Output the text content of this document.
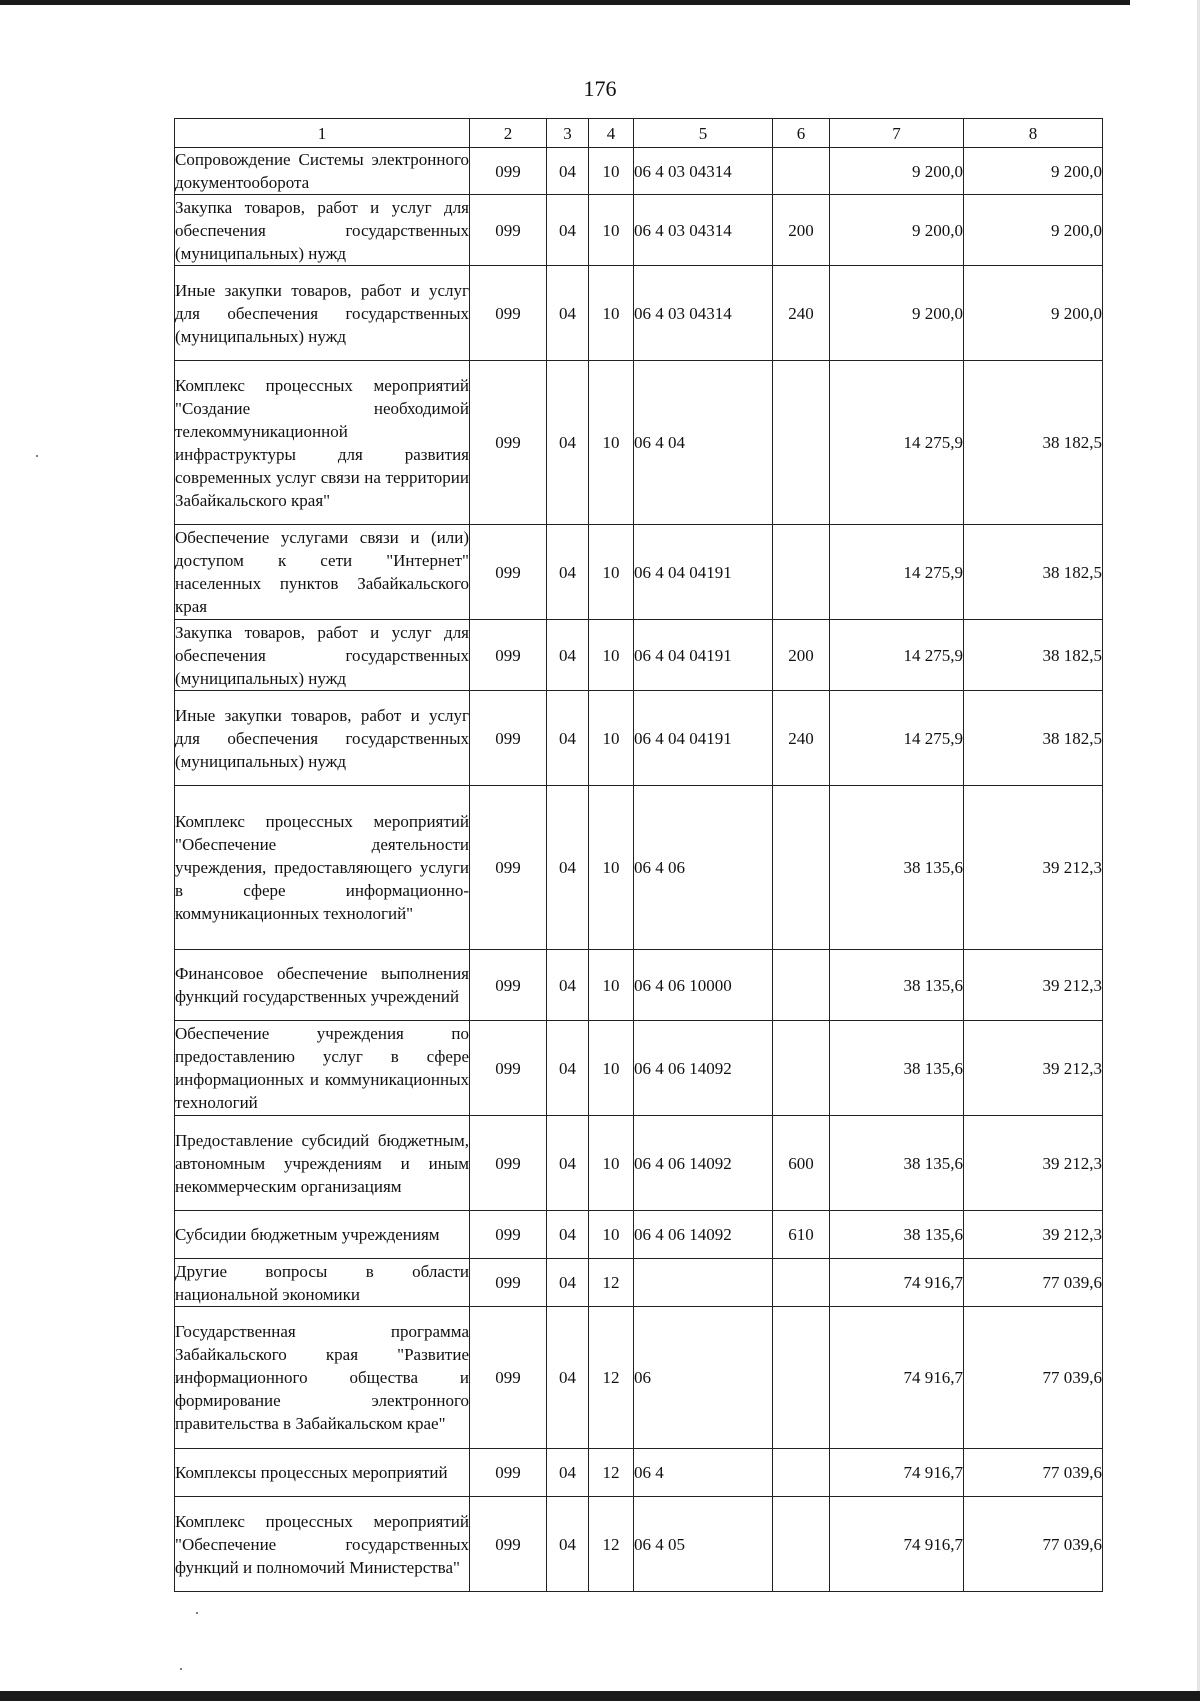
176
1	2	3	4	5	6	7	8
Сопровождение Системы электронного документооборота	099	04	10	06 4 03 04314		9 200,0	9 200,0
Закупка товаров, работ и услуг для обеспечения государственных (муниципальных) нужд	099	04	10	06 4 03 04314	200	9 200,0	9 200,0
Иные закупки товаров, работ и услуг для обеспечения государственных (муниципальных) нужд	099	04	10	06 4 03 04314	240	9 200,0	9 200,0
Комплекс процессных мероприятий "Создание необходимой телекоммуникационной инфраструктуры для развития современных услуг связи на территории Забайкальского края"	099	04	10	06 4 04		14 275,9	38 182,5
Обеспечение услугами связи и (или) доступом к сети "Интернет" населенных пунктов Забайкальского края	099	04	10	06 4 04 04191		14 275,9	38 182,5
Закупка товаров, работ и услуг для обеспечения государственных (муниципальных) нужд	099	04	10	06 4 04 04191	200	14 275,9	38 182,5
Иные закупки товаров, работ и услуг для обеспечения государственных (муниципальных) нужд	099	04	10	06 4 04 04191	240	14 275,9	38 182,5
Комплекс процессных мероприятий "Обеспечение деятельности учреждения, предоставляющего услуги в сфере информационно-коммуникационных технологий"	099	04	10	06 4 06		38 135,6	39 212,3
Финансовое обеспечение выполнения функций государственных учреждений	099	04	10	06 4 06 10000		38 135,6	39 212,3
Обеспечение учреждения по предоставлению услуг в сфере информационных и коммуникационных технологий	099	04	10	06 4 06 14092		38 135,6	39 212,3
Предоставление субсидий бюджетным, автономным учреждениям и иным некоммерческим организациям	099	04	10	06 4 06 14092	600	38 135,6	39 212,3
Субсидии бюджетным учреждениям	099	04	10	06 4 06 14092	610	38 135,6	39 212,3
Другие вопросы в области национальной экономики	099	04	12			74 916,7	77 039,6
Государственная программа Забайкальского края "Развитие информационного общества и формирование электронного правительства в Забайкальском крае"	099	04	12	06		74 916,7	77 039,6
Комплексы процессных мероприятий	099	04	12	06 4		74 916,7	77 039,6
Комплекс процессных мероприятий "Обеспечение государственных функций и полномочий Министерства"	099	04	12	06 4 05		74 916,7	77 039,6
